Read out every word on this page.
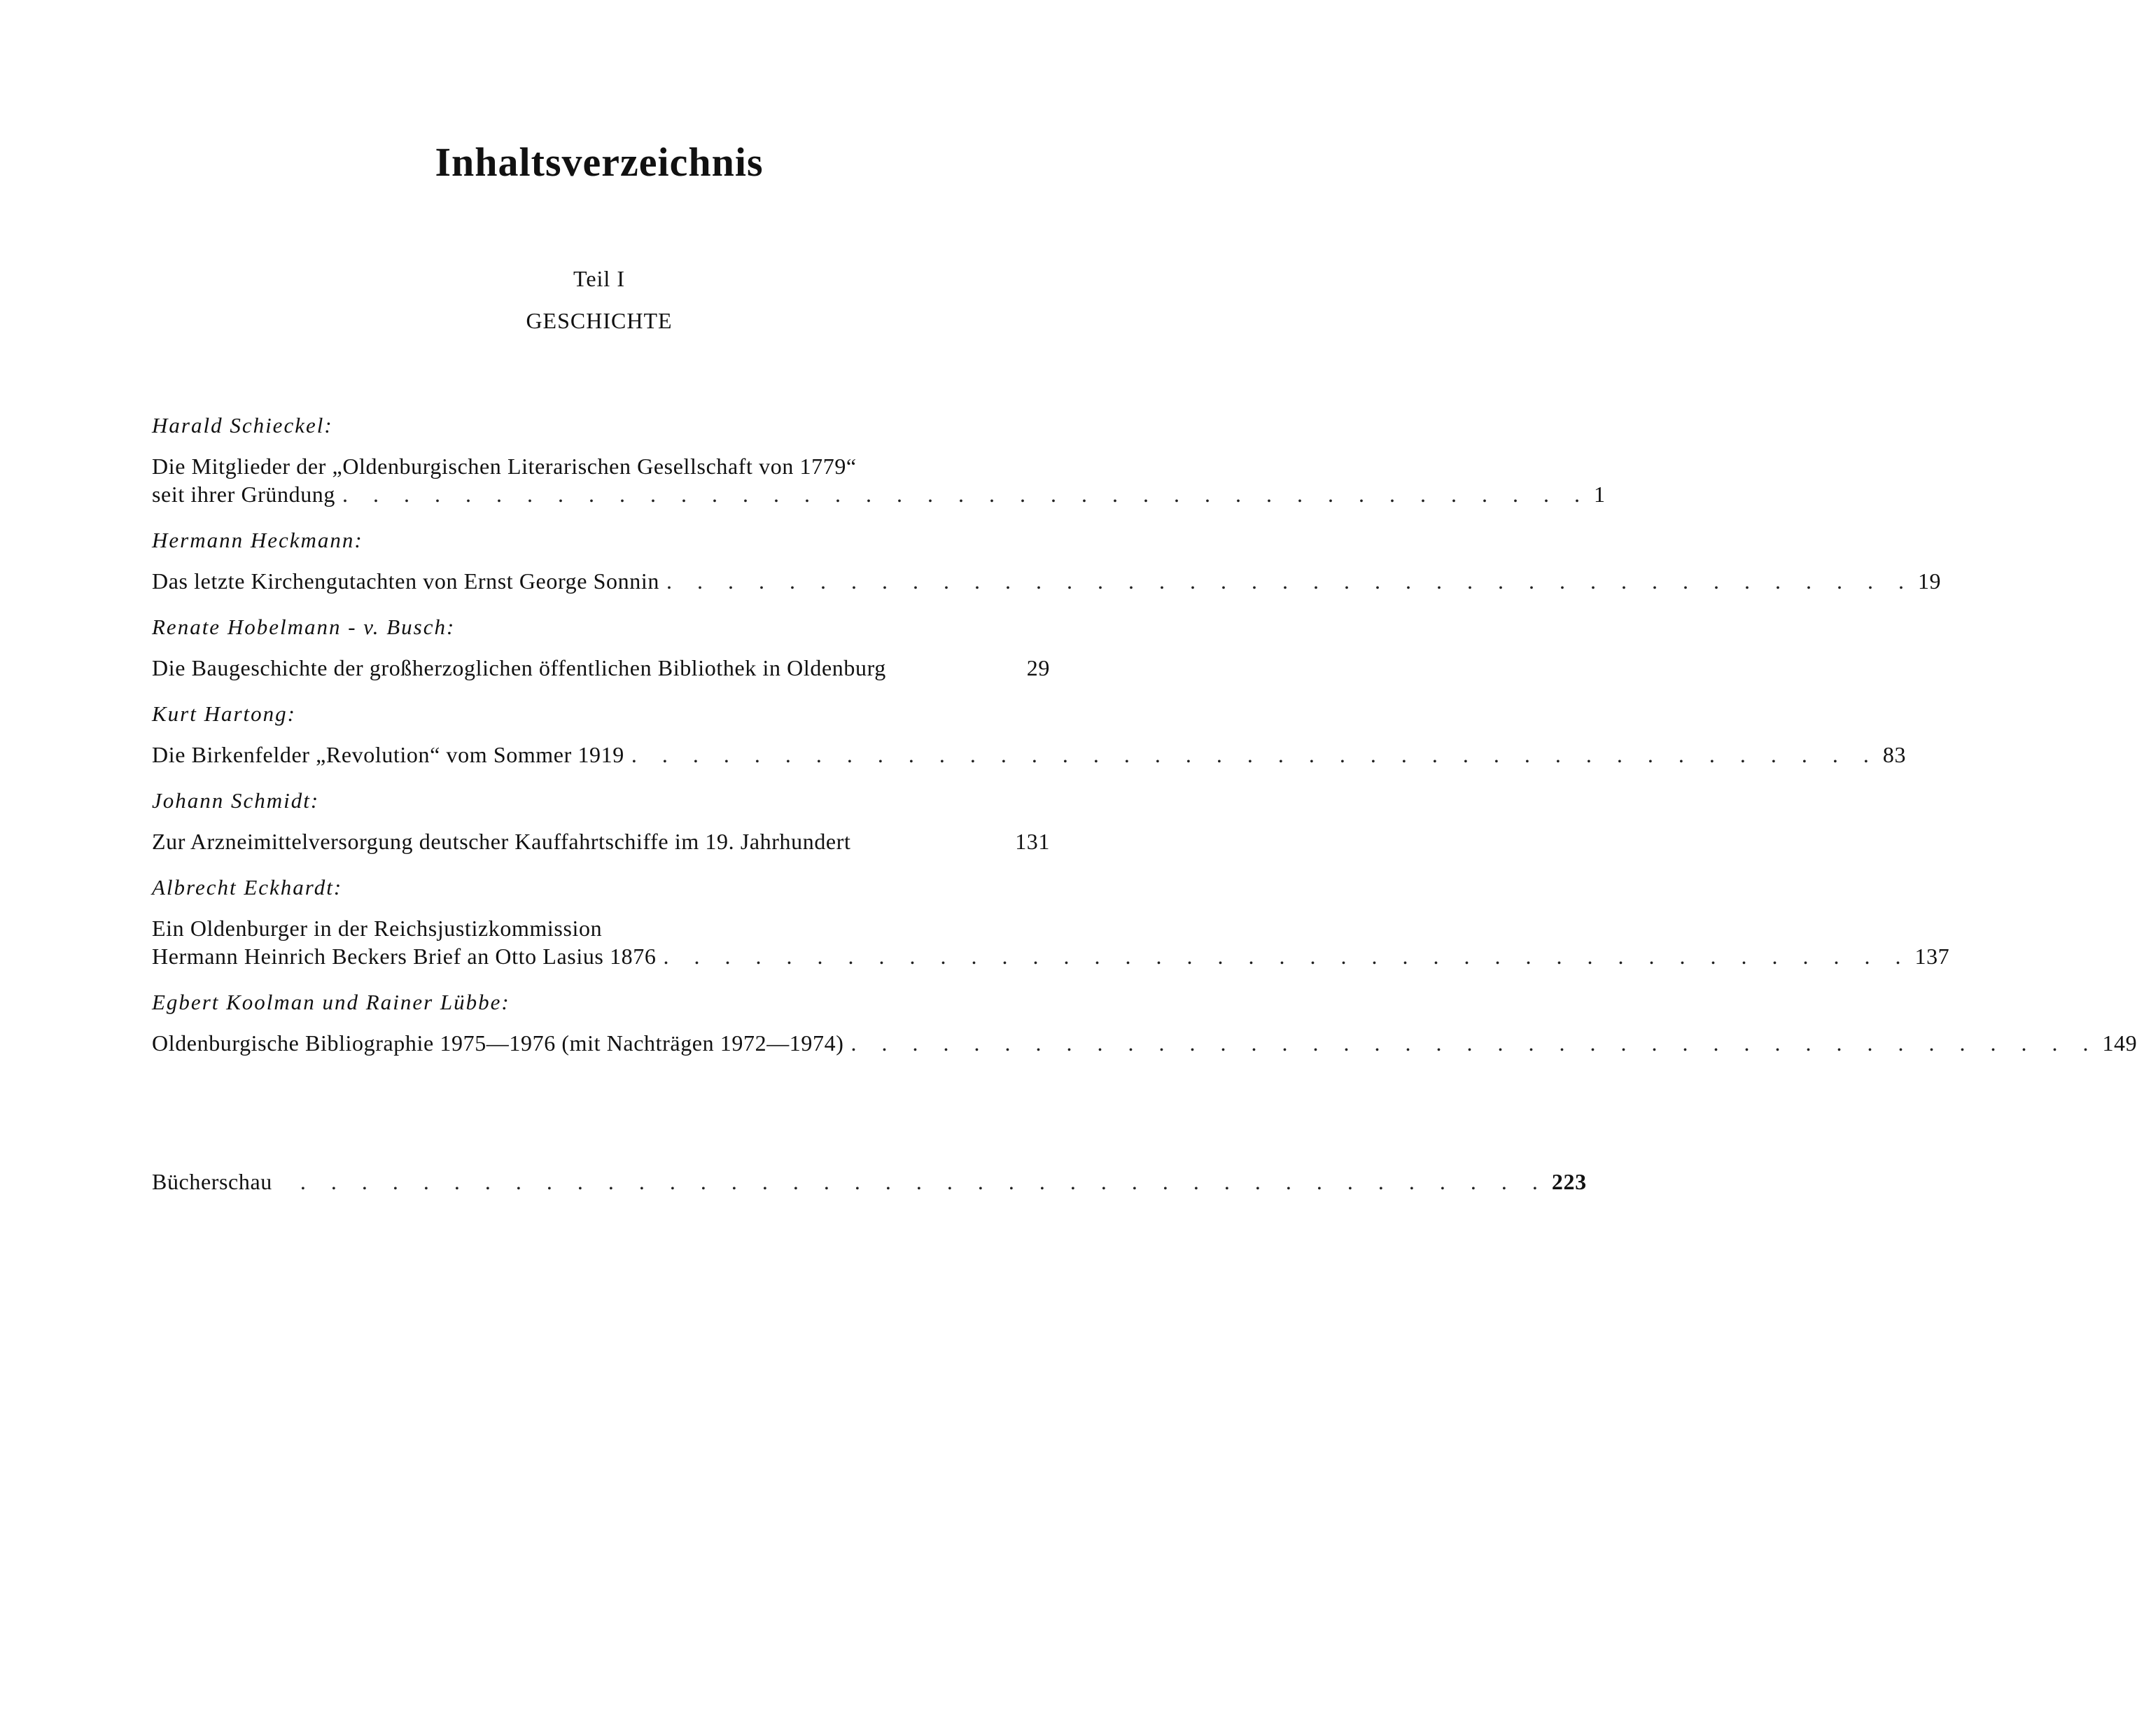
Inhaltsverzeichnis
Teil I
GESCHICHTE
Harald Schieckel:
Die Mitglieder der „Oldenburgischen Literarischen Gesellschaft von 1779“
seit ihrer Gründung . . . . . . . . . . . . . . . . . . . . . . . . . . . . . . . . . . . . . . . . . 1
Hermann Heckmann:
Das letzte Kirchengutachten von Ernst George Sonnin . . . . . . . . . . . . . . . . . . . . . . . . . . . . . . . . . . . . . . . . . 19
Renate Hobelmann - v. Busch:
Die Baugeschichte der großherzoglichen öffentlichen Bibliothek in Oldenburg	29
Kurt Hartong:
Die Birkenfelder „Revolution“ vom Sommer 1919 . . . . . . . . . . . . . . . . . . . . . . . . . . . . . . . . . . . . . . . . . 83
Johann Schmidt:
Zur Arzneimittelversorgung deutscher Kauffahrtschiffe im 19. Jahrhundert	131
Albrecht Eckhardt:
Ein Oldenburger in der Reichsjustizkommission
Hermann Heinrich Beckers Brief an Otto Lasius 1876 . . . . . . . . . . . . . . . . . . . . . . . . . . . . . . . . . . . . . . . . . 137
Egbert Koolman und Rainer Lübbe:
Oldenburgische Bibliographie 1975—1976 (mit Nachträgen 1972—1974) . . . . . . . . . . . . . . . . . . . . . . . . . . . . . . . . . . . . . . . . . 149
Bücherschau . . . . . . . . . . . . . . . . . . . . . . . . . . . . . . . . . . . . . . . . . 223
